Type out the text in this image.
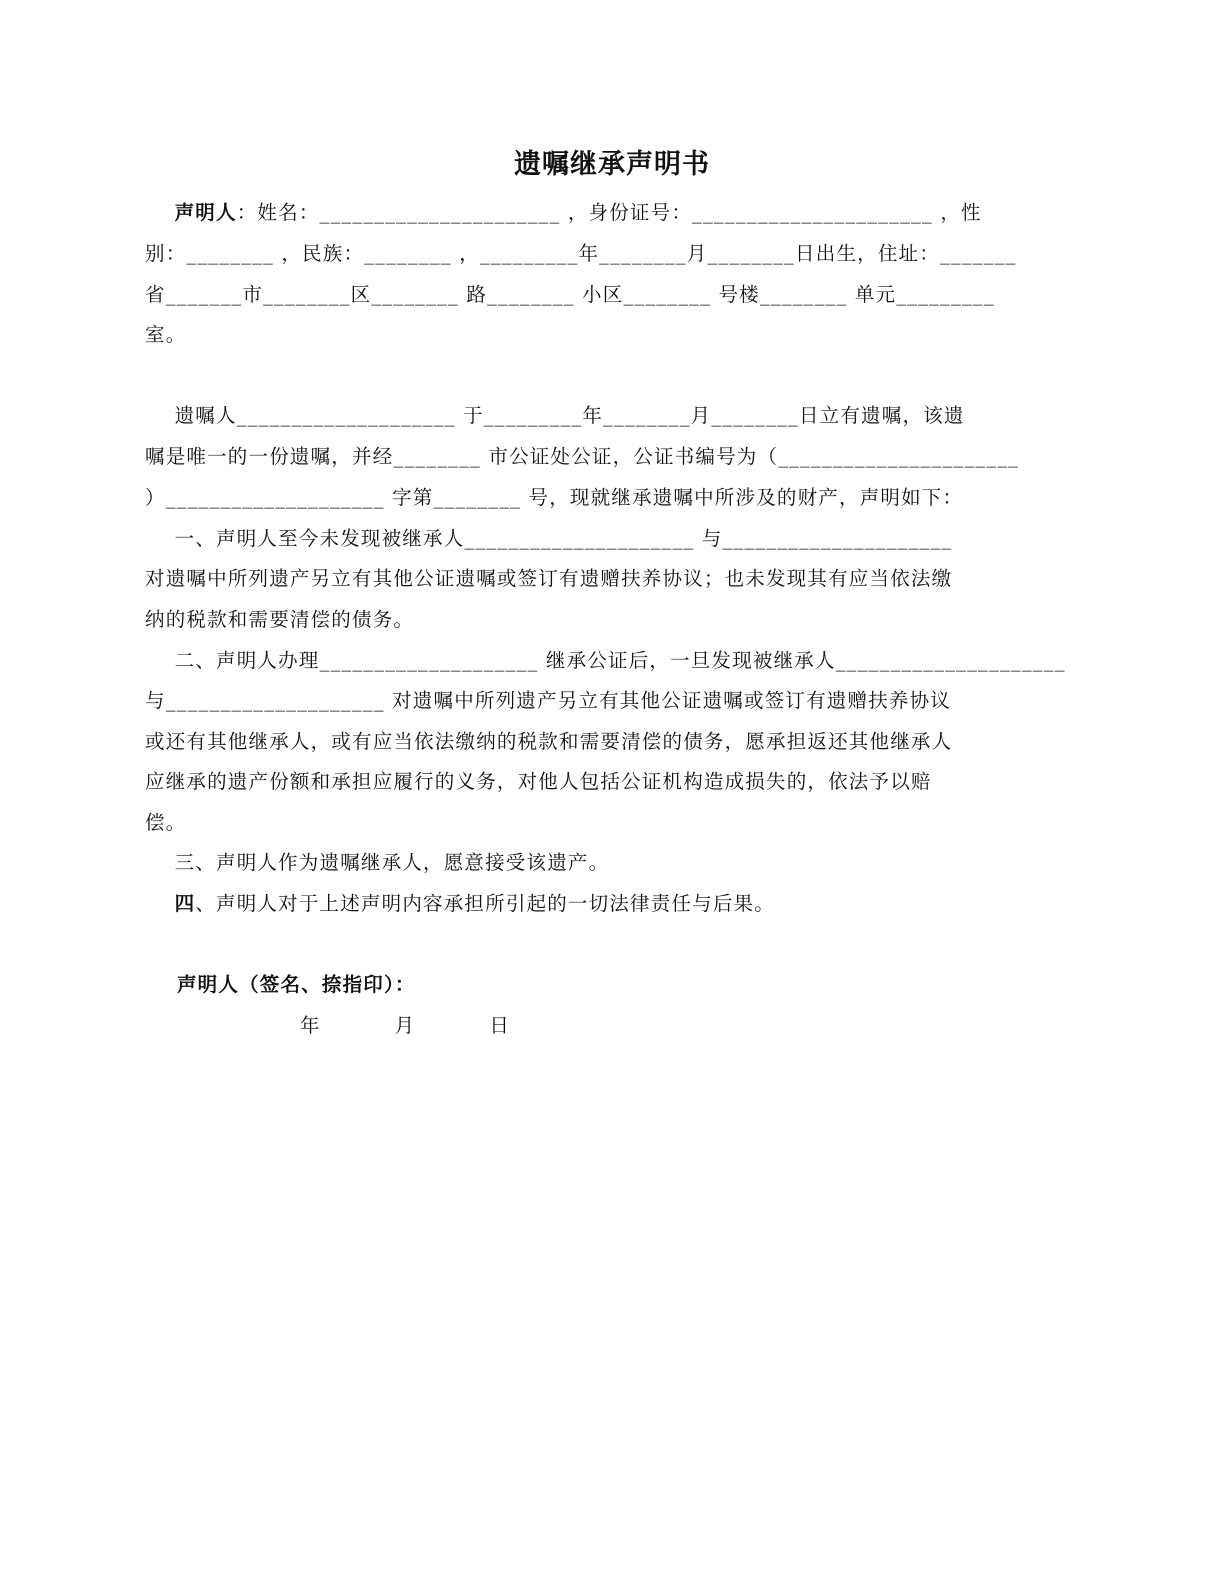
遗嘱继承声明书
声明人：姓名：______________________ ，身份证号：______________________ ，性
别：________ ，民族：________ ，_________年________月________日出生，住址：_______
省_______市________区________ 路________ 小区________ 号楼________ 单元_________
室。
遗嘱人____________________ 于_________年________月________日立有遗嘱，该遗
嘱是唯一的一份遗嘱，并经________ 市公证处公证，公证书编号为（______________________
）____________________ 字第________ 号，现就继承遗嘱中所涉及的财产，声明如下：
一、声明人至今未发现被继承人_____________________ 与_____________________
对遗嘱中所列遗产另立有其他公证遗嘱或签订有遗赠扶养协议；也未发现其有应当依法缴
纳的税款和需要清偿的债务。
二、声明人办理____________________ 继承公证后，一旦发现被继承人_____________________
与____________________ 对遗嘱中所列遗产另立有其他公证遗嘱或签订有遗赠扶养协议
或还有其他继承人，或有应当依法缴纳的税款和需要清偿的债务，愿承担返还其他继承人
应继承的遗产份额和承担应履行的义务，对他人包括公证机构造成损失的，依法予以赔
偿。
三、声明人作为遗嘱继承人，愿意接受该遗产。
四、声明人对于上述声明内容承担所引起的一切法律责任与后果。
声明人（签名、捺指印）：
年          月          日
